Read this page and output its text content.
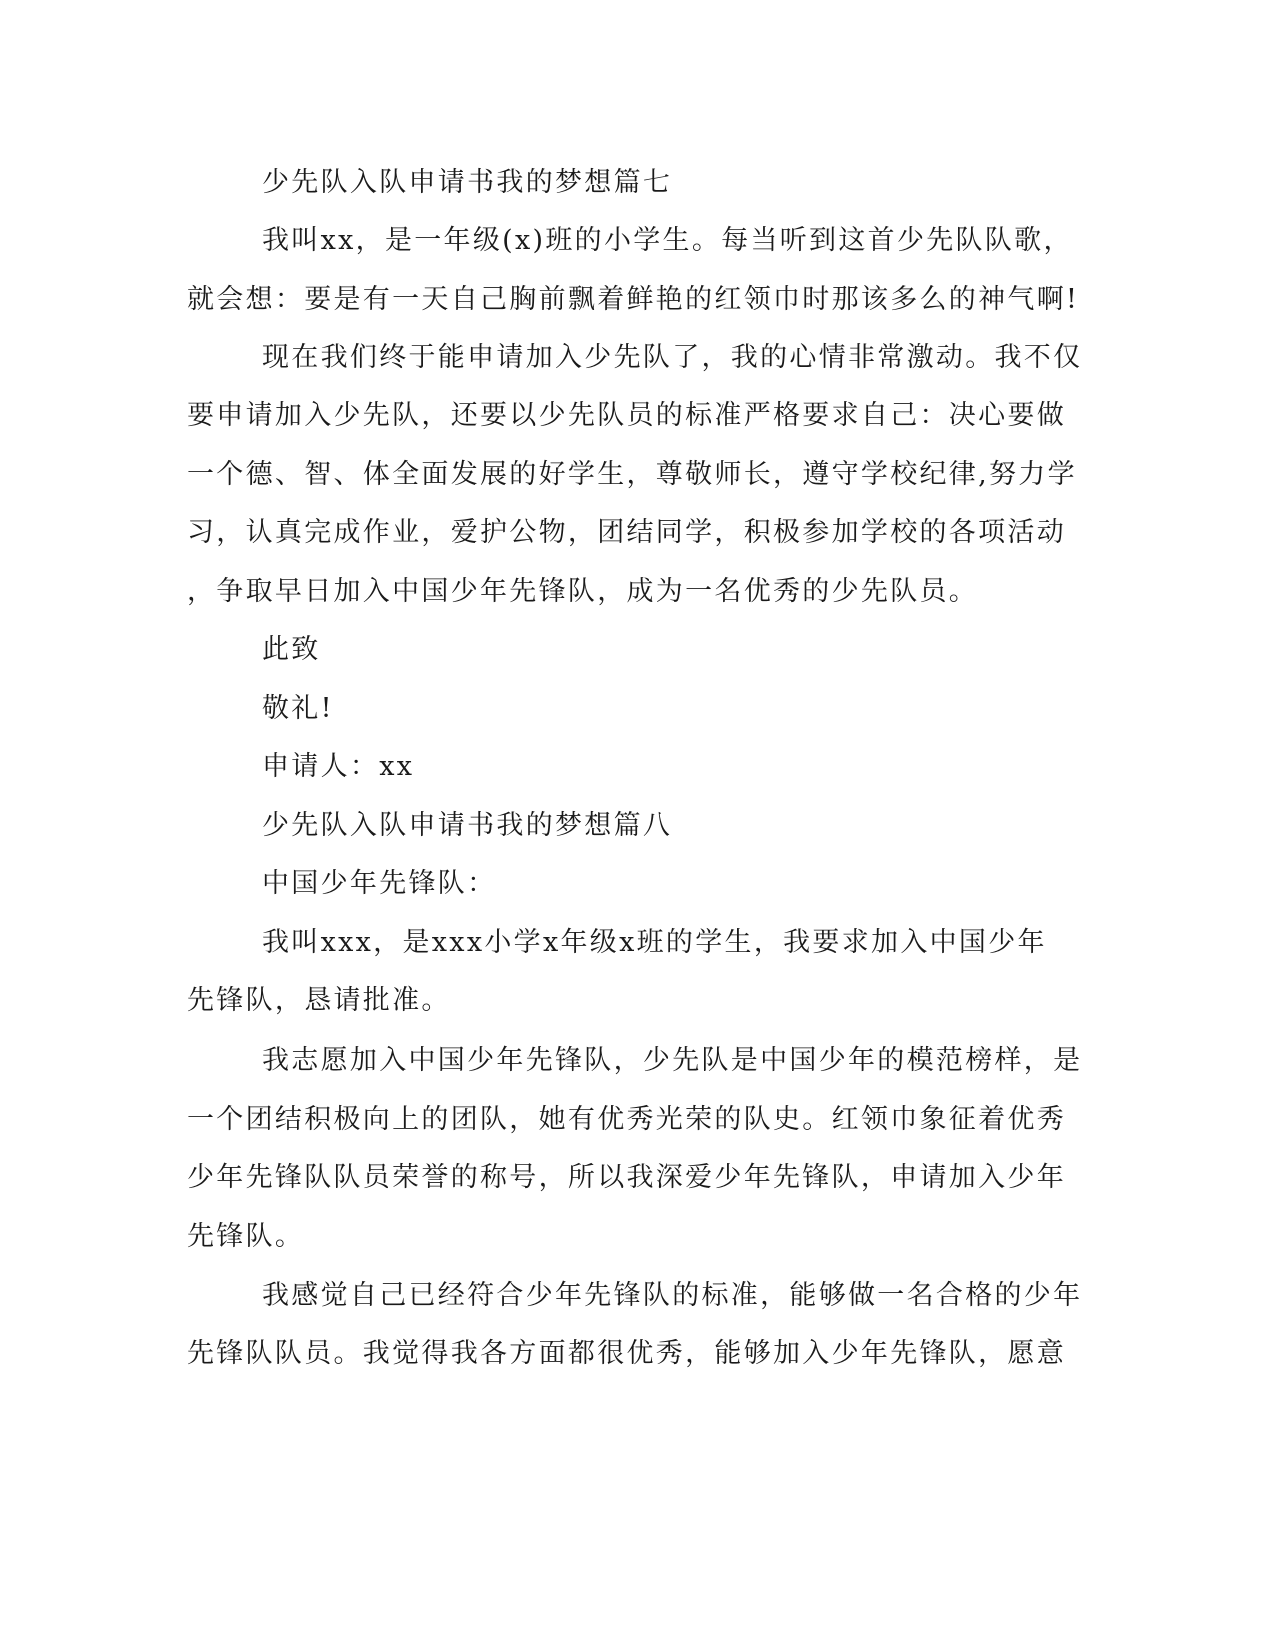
少先队入队申请书我的梦想篇七

我叫xx，是一年级(x)班的小学生。每当听到这首少先队队歌，

就会想：要是有一天自己胸前飘着鲜艳的红领巾时那该多么的神气啊!

现在我们终于能申请加入少先队了，我的心情非常激动。我不仅

要申请加入少先队，还要以少先队员的标准严格要求自己：决心要做

一个德、智、体全面发展的好学生，尊敬师长，遵守学校纪律,努力学

习，认真完成作业，爱护公物，团结同学，积极参加学校的各项活动

，争取早日加入中国少年先锋队，成为一名优秀的少先队员。

此致

敬礼!

申请人：xx

少先队入队申请书我的梦想篇八

中国少年先锋队：

我叫xxx，是xxx小学x年级x班的学生，我要求加入中国少年

先锋队，恳请批准。

我志愿加入中国少年先锋队，少先队是中国少年的模范榜样，是

一个团结积极向上的团队，她有优秀光荣的队史。红领巾象征着优秀

少年先锋队队员荣誉的称号，所以我深爱少年先锋队，申请加入少年

先锋队。

我感觉自己已经符合少年先锋队的标准，能够做一名合格的少年

先锋队队员。我觉得我各方面都很优秀，能够加入少年先锋队，愿意
